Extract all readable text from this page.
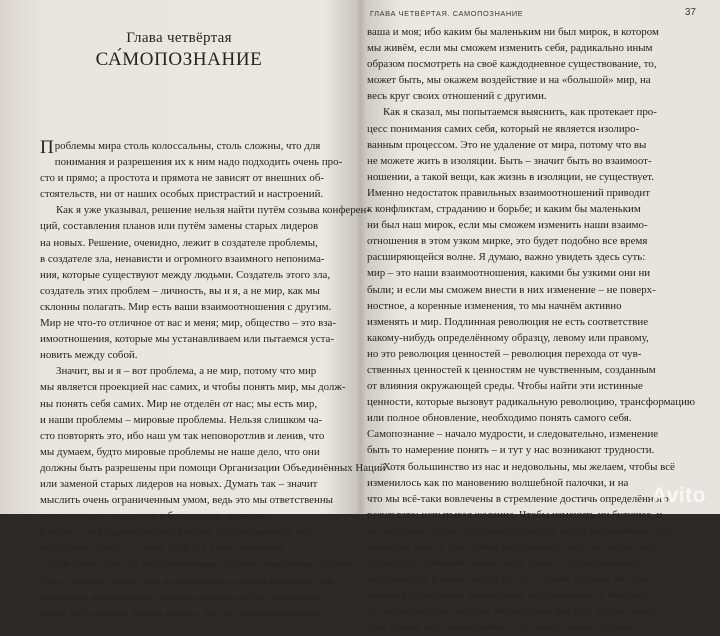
Глава четвёртая
СА́МОПОЗНАНИЕ

П роблемы мира столь колоссальны, столь сложны, что для
понимания и разрешения их к ним надо подходить очень про-
сто и прямо; а простота и прямота не зависят от внешних об-
стоятельств, ни от наших особых пристрастий и настроений.

Как я уже указывал, решение нельзя найти путём созыва конферен-
ций, составления планов или путём замены старых лидеров
на новых. Решение, очевидно, лежит в создателе проблемы,
в создателе зла, ненависти и огромного взаимного непонима-
ния, которые существуют между людьми. Создатель этого зла,
создатель этих проблем – личность, вы и я, а не мир, как мы
склонны полагать. Мир есть ваши взаимоотношения с другим.
Мир не что-то отличное от вас и меня; мир, общество – это вза-
имоотношения, которые мы устанавливаем или пытаемся уста-
новить между собой.

Значит, вы и я – вот проблема, а не мир, потому что мир
мы является проекцией нас самих, и чтобы понять мир, мы долж-
ны понять себя самих. Мир не отделён от нас; мы есть мир,
и наши проблемы – мировые проблемы. Нельзя слишком ча-
сто повторять это, ибо наш ум так неповоротлив и ленив, что
мы думаем, будто мировые проблемы не наше дело, что они
должны быть разрешены при помощи Организации Объединённых Наций
или заменой старых лидеров на новых. Думать так – значит
мыслить очень ограниченным умом, ведь это мы ответственны
за ужасающие страдания и беспорядок, царящие
в мире, за всё надвигающуюся войну. Чтобы изменить мир,
мы должны начать с самих себя; и в этом начинании
– себя самих. Вот так наше намерение. Нашим намерением должно
быть – понять самих себя, а не оставлять другим изменять себя
внешними изменениями, которые вызвать путём революции,
левой либо правой. Важно понять, что это наша обязанность,

ГЛАВА ЧЕТВЁРТАЯ. САМОПОЗНАНИЕ	37

ваша и моя; ибо каким бы маленьким ни был мирок, в котором
мы живём, если мы сможем изменить себя, радикально иным
образом посмотреть на своё каждодневное существование, то,
может быть, мы окажем воздействие и на «большой» мир, на
весь круг своих отношений с другими.

Как я сказал, мы попытаемся выяснить, как протекает про-
цесс понимания самих себя, который не является изолиро-
ванным процессом. Это не удаление от мира, потому что вы
не можете жить в изоляции. Быть – значит быть во взаимоот-
ношении, а такой вещи, как жизнь в изоляции, не существует.
Именно недостаток правильных взаимоотношений приводит
к конфликтам, страданию и борьбе; и каким бы маленьким
ни был наш мирок, если мы сможем изменить наши взаимо-
отношения в этом узком мирке, это будет подобно все время
расширяющейся волне. Я думаю, важно увидеть здесь суть:
мир – это наши взаимоотношения, какими бы узкими они ни
были; и если мы сможем внести в них изменение – не поверх-
ностное, а коренные изменения, то мы начнём активно
изменять и мир. Подлинная революция не есть соответствие
какому-нибудь определённому образцу, левому или правому,
но это революция ценностей – революция перехода от чув-
ственных ценностей к ценностям не чувственным, созданным
от влияния окружающей среды. Чтобы найти эти истинные
ценности, которые вызовут радикальную революцию, трансформацию
или полное обновление, необходимо понять самого себя.
Самопознание – начало мудрости, и следовательно, изменение
быть то намерение понять – и тут у нас возникают трудности.

Хотя большинство из нас и недовольны, мы желаем, чтобы всё
изменилось как по мановению волшебной палочки, и на
что мы всё-таки вовлечены в стремление достичь определённого
результата; испытывая желание. Чтобы изменить ни будущее, и
мы бездумно, либо просто капитулируем перед окружением. Недо-
вольство, вместо того чтобы воспламенять нас, заставлять нас
подвергать сомнению жизнь, весь процесс существования,
направляется в какое-нибудь русло, и таким образом мы ста-
новимся заурядными личностями, потерявшими ту энергию,
ту интенсивность, которые необходимы для того чтобы понять
себя самим, ибо самопознание – это нечто очень трудное.

Avito
